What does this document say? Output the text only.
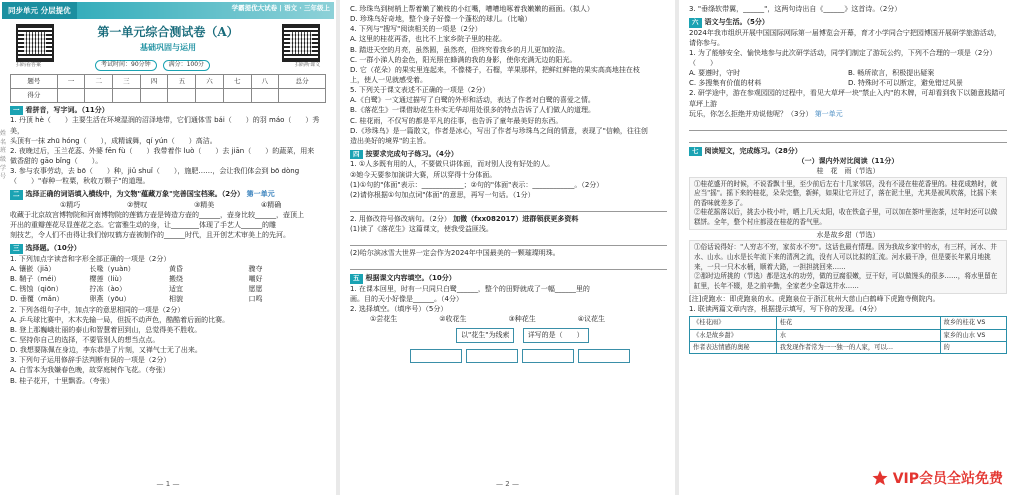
同步单元 分层提优	学霸提优大试卷 | 语文 · 三年级上
扫码看答案	扫码听课文
第一单元综合测试卷（A）
基础巩固与运用
考试时间：90分钟	满分：100分
题号	一	二	三	四	五	六	七	八	总分
得分									
姓名 班级 学号
一 看拼音，写字词。（11分）

1. 丹顶 hè（　　）主要生活在环境湿润的沼泽地带，它们通体雪 bái（　　）的羽 máo（　　）秀美，

头顶有一抹 zhū hóng（　　），成精诚舞，qí yún（　　）高洁。

2. 夜晚过后，玉兰花蕊、外婆 fēn fù（　　）我带着作 luò（　　）去 jiān（　　）的蔬菜，用来

做香甜的 gāo bǐng（　　）。

3. 参与农事劳动，去 bō（　　）种，jiǔ shuǐ（　　），施肥……，会让我们体会到 bō dòng

（　　）"春种一粒粟，秋收万颗子"的道理。

二 选择正确的词语填入横线中，为文物"蕴藏万象"完善国宝档案。（2分） 第一单元
①精巧	②赞叹	③精美	④精确

收藏于北京故宫博物院和河南博物院的莲鹤方壶是铸造方壶的______，壶身比较______，壶顶上

开出的重瓣莲花尽显莲花之态。它富雅生动的身，让________体现了手艺人______的雕

刻技艺，令人们不由得让我们惊叹鹤方壶被制作的______时代，且开创艺术审美上的先河。

三 选择题。（10分）

1. 下列加点字读音和字形全部正确的一项是（2分）

A. 镶嵌（jiā）	长喙（yuàn）	黄昏	骤夺
B. 鞘子（méi）	樱莲（liù）	搬绕	嘲好
C. 锈蚀（qiōn）	拧冻（ào）	适宜	愿愿
D. 垂覆（mǎn）	卵燕（yōu）	相貌	口鸣

2. 下列各组句子中，加点字的意思相同的一项是（2分）

A. 乒乓球比赛中，木木先输一局，但扳不动声色，酷酷着后面的比赛。

B. 登上那巍峨壮丽的泰山和智慧着回到山，总觉得美不胜收。

C. 坚持你自己的选择，不要管别人的想当点点。

D. 我想要陈佩在身边，李东恭是了片刻，又禅气士无了出来。

3. 下列句子运用修辞手法判断有误的一项是（2分）

A. 白雪本为我嫌春色晚，故穿庭树作飞花。（夸张）

B. 桂子花开，十里飘香。（夸张）

— 1 —

C. 珍珠鸟到树梢上帮着嫩了嫩枝的小红嘴，嘈嘈地啄着我嫩嫩的画面。（拟人）

D. 珍珠鸟好奇地，整个身子好像一个蓬松的球儿。（比喻）

4. 下列与"搜写"阅读相关的一项是（2分）

A. 这里的桂花再香，也比不上家乡院子里的桂花。

B. 踏进天空的月亮，虽然圆，虽然亮，但终究看我乡的月儿更加皎洁。

C. 一群小涕人的金色，阳光照在蜂满的我的身影，使你充满无边的阳光。

D. 它（花朵）的果实里连起来，不像楼子，石榴，苹果那样，把鲜红鲜艳的果实高高地挂在枝

上，使人一见就感受着。

5. 下列关于课文表述不正确的一项是（2分）

A.《白鹭》一文通过描写了白鹭的外形和活动，表达了作者对白鹭的喜爱之情。

B.《落花生》一课借助花生朴实无华却用处很多的特点告诉了人们做人的道理。

C. 桂花雨，不仅写的都是平凡的往事，也告诉了童年最美好的东西。

D.《珍珠鸟》是一篇散文，作者是冰心，写出了作者与珍珠鸟之间的情意，表现了"信赖，往往创

造出美好的境界"的主旨。

四 按要求完成句子练习。（4分）

1. ①人多既有用的人，不要做只讲体面，而对别人没有好处的人。

②她今天要参加演讲大赛，所以穿得十分体面。

(1)①句的"体面"表示：____________；②句的"体面"表示：____________。（2分）

(2)请你根据①句加点词"体面"的意思，再写一句话。（1分）

2. 用修改符号修改病句。（2分） 加微（fxx082017）进群领获更多资料

(1)读了《落花生》这篇课文，使我受益匪浅。

(2)哈尔滨冰雪大世界一定会作为2024年中国最美的一颗璀璨明珠。

五 根据课文内容填空。（10分）

1. 在课本回里，时有一只同只白鹭______，整个的田野就成了一幅______里的

画。目的天小好像是______。（4分）

2. 选择填空。（填序号）（5分）

①尝花生	②收花生	③种花生	④议花生
以"花生"为线索	详写的是（　　）
— 2 —

3. "垂绦软带翼，______"，这两句诗出自《______》这首诗。（2分）

六 语文与生活。（5分）

2024年我市组织开展中国国际网际第一届博览会开幕，育才小学同合宁把园博国开展研学旅游活动，请你参与。

1. 为了能够安全、愉快地参与此次研学活动，同学们制定了游玩公约，下列不合理的一项是（2分）（　　）

A. 要遵时，守时	B. 畅所欲言，积极提出疑案
C. 多搜集有价值的材料	D. 特殊时不可以断定，避免错过风景

2. 研学途中，游在参观园园的过程中，看见大草坪一块"禁止入内"的木牌，可却看到我下以随意践踏可草坪上游

玩乐，你怎么拒绝并劝说他呢？（3分） 第一单元

七 阅读短文，完成练习。（28分）

（一）课内外对比阅读（11分）

桂　花　雨（节选）

①桂花盛开的时候，不说香飘十里，至少前后左右十几家邻居，没有不浸在桂花香里的。桂花成熟时，就应当"摇"。摇下来的桂花，朵朵完整，新鲜，如果让它开过了，落在泥土里，尤其是被风吹落，比摇下来的香味就差多了。

②桂花摇落以后，挑去小枝小叶，晒上几天太阳，收在铁盒子里，可以加在茶叶里泡茶，过年时还可以做糕饼。全年，整个村庄都浸在桂花的香气里。

水是故乡甜（节选）

①俗话说得好："人穷志不穷，家贫水不穷"。这话也最有情理。因为我故乡家中的水，有三样，河水、井水、山水。山水是长年流下来的清冽之流，没有人可以比拟的汇流。河水最干净，但是要长年累月地挑来，一只一只木水桶，顺着大路，一担担挑回来……

②那时边所挑的（节选）都是这水的功劳，做的豆腐很嫩，豆干好，可以做馒头的很多……，将水里留在缸里，长年不辍，是之前辛勤，全家老少全靠这井水……

[注]虎跑水：即虎跑泉的水。虎跑泉位于浙江杭州大慈山白鹤峰下虎跑寺侧院内。

1. 联读两篇文章内容，根据提示填写，写下你的发现。（4分）

《桂花雨》	桂花	故乡的桂花 VS
《水是故乡甜》	水	家乡的山水 VS
作者表达情感的奥秘	我发现作者常为一一独一的人家，可以…	的
VIP会员全站免费
